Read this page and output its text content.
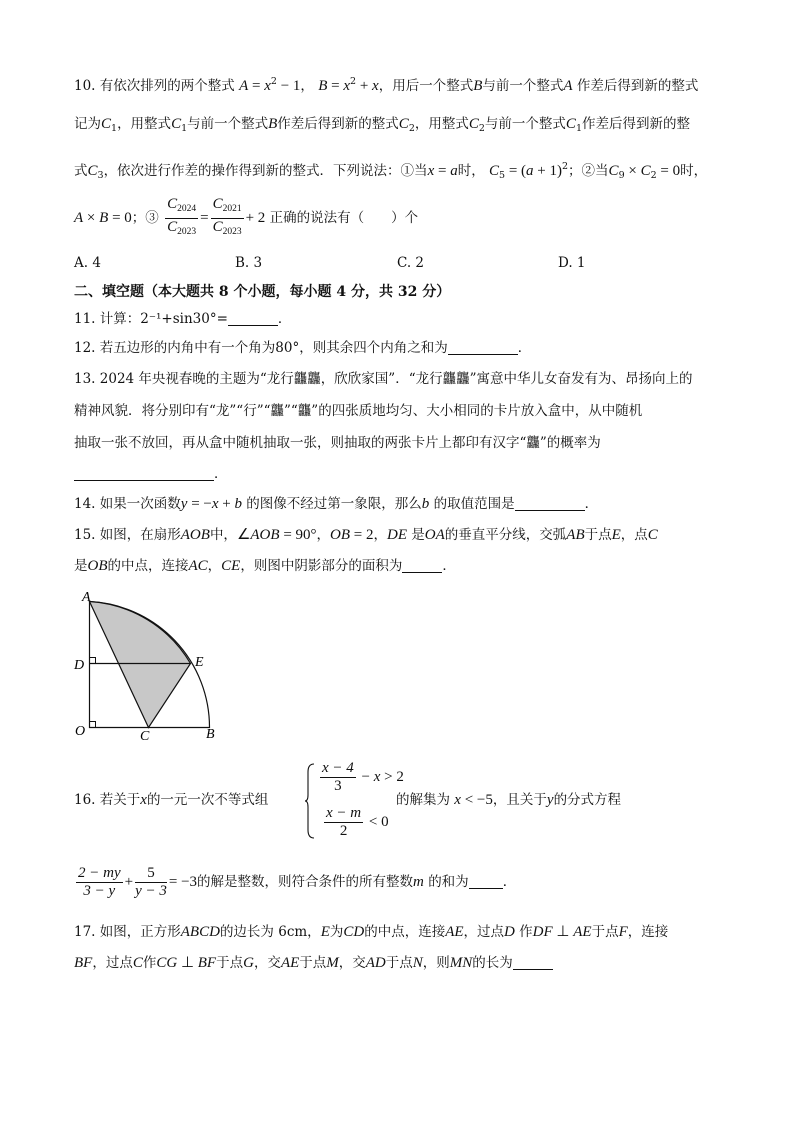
10. 有依次排列的两个整式 $A = x^2 - 1$， $B = x^2 + x$，用后一个整式B与前一个整式A 作差后得到新的整式
记为$C_1$，用整式$C_1$与前一个整式B作差后得到新的整式$C_2$，用整式$C_2$与前一个整式$C_1$作差后得到新的整
式$C_3$，依次进行作差的操作得到新的整式．下列说法：①当x = a时， $C_5 = (a + 1)^2$；②当$C_9 \times C_2 = 0$时，
A × B = 0；③ $\frac{C_{2024}}{C_{2023}} = \frac{C_{2021}}{C_{2023}} + 2$ 正确的说法有（　　）个
A. 4	B. 3	C. 2	D. 1
二、填空题（本大题共 8 个小题，每小题 4 分，共 32 分）
11. 计算：2⁻¹+sin30°=	．
12. 若五边形的内角中有一个角为80°，则其余四个内角之和为	．
13. 2024 年央视春晚的主题为“龙行龘龘，欣欣家国”．“龙行龘龘”寓意中华儿女奋发有为、昂扬向上的
精神风貌．将分别印有“龙”“行”“龘”“龘”的四张质地均匀、大小相同的卡片放入盒中，从中随机
抽取一张不放回，再从盒中随机抽取一张，则抽取的两张卡片上都印有汉字“龘”的概率为
．
14. 如果一次函数y = −x + b 的图像不经过第一象限，那么b 的取值范围是	．
15. 如图，在扇形AOB中，∠AOB = 90°，OB = 2，DE 是OA的垂直平分线，交弧AB于点E，点C
是OB的中点，连接AC，CE，则图中阴影部分的面积为	．
A
D	E
O	C	B
16. 若关于x的一元一次不等式组
$\frac{x - 4}{3} - x > 2$
$\frac{x - m}{2} < 0$
的解集为 x < −5，且关于y的分式方程
$\frac{2 - my}{3 - y} + \frac{5}{y - 3} = -3$的解是整数，则符合条件的所有整数m 的和为	．
17. 如图，正方形ABCD的边长为 6cm，E为CD的中点，连接AE，过点D 作DF ⊥ AE于点F，连接
BF，过点C作CG ⊥ BF于点G，交AE于点M，交AD于点N，则MN的长为
